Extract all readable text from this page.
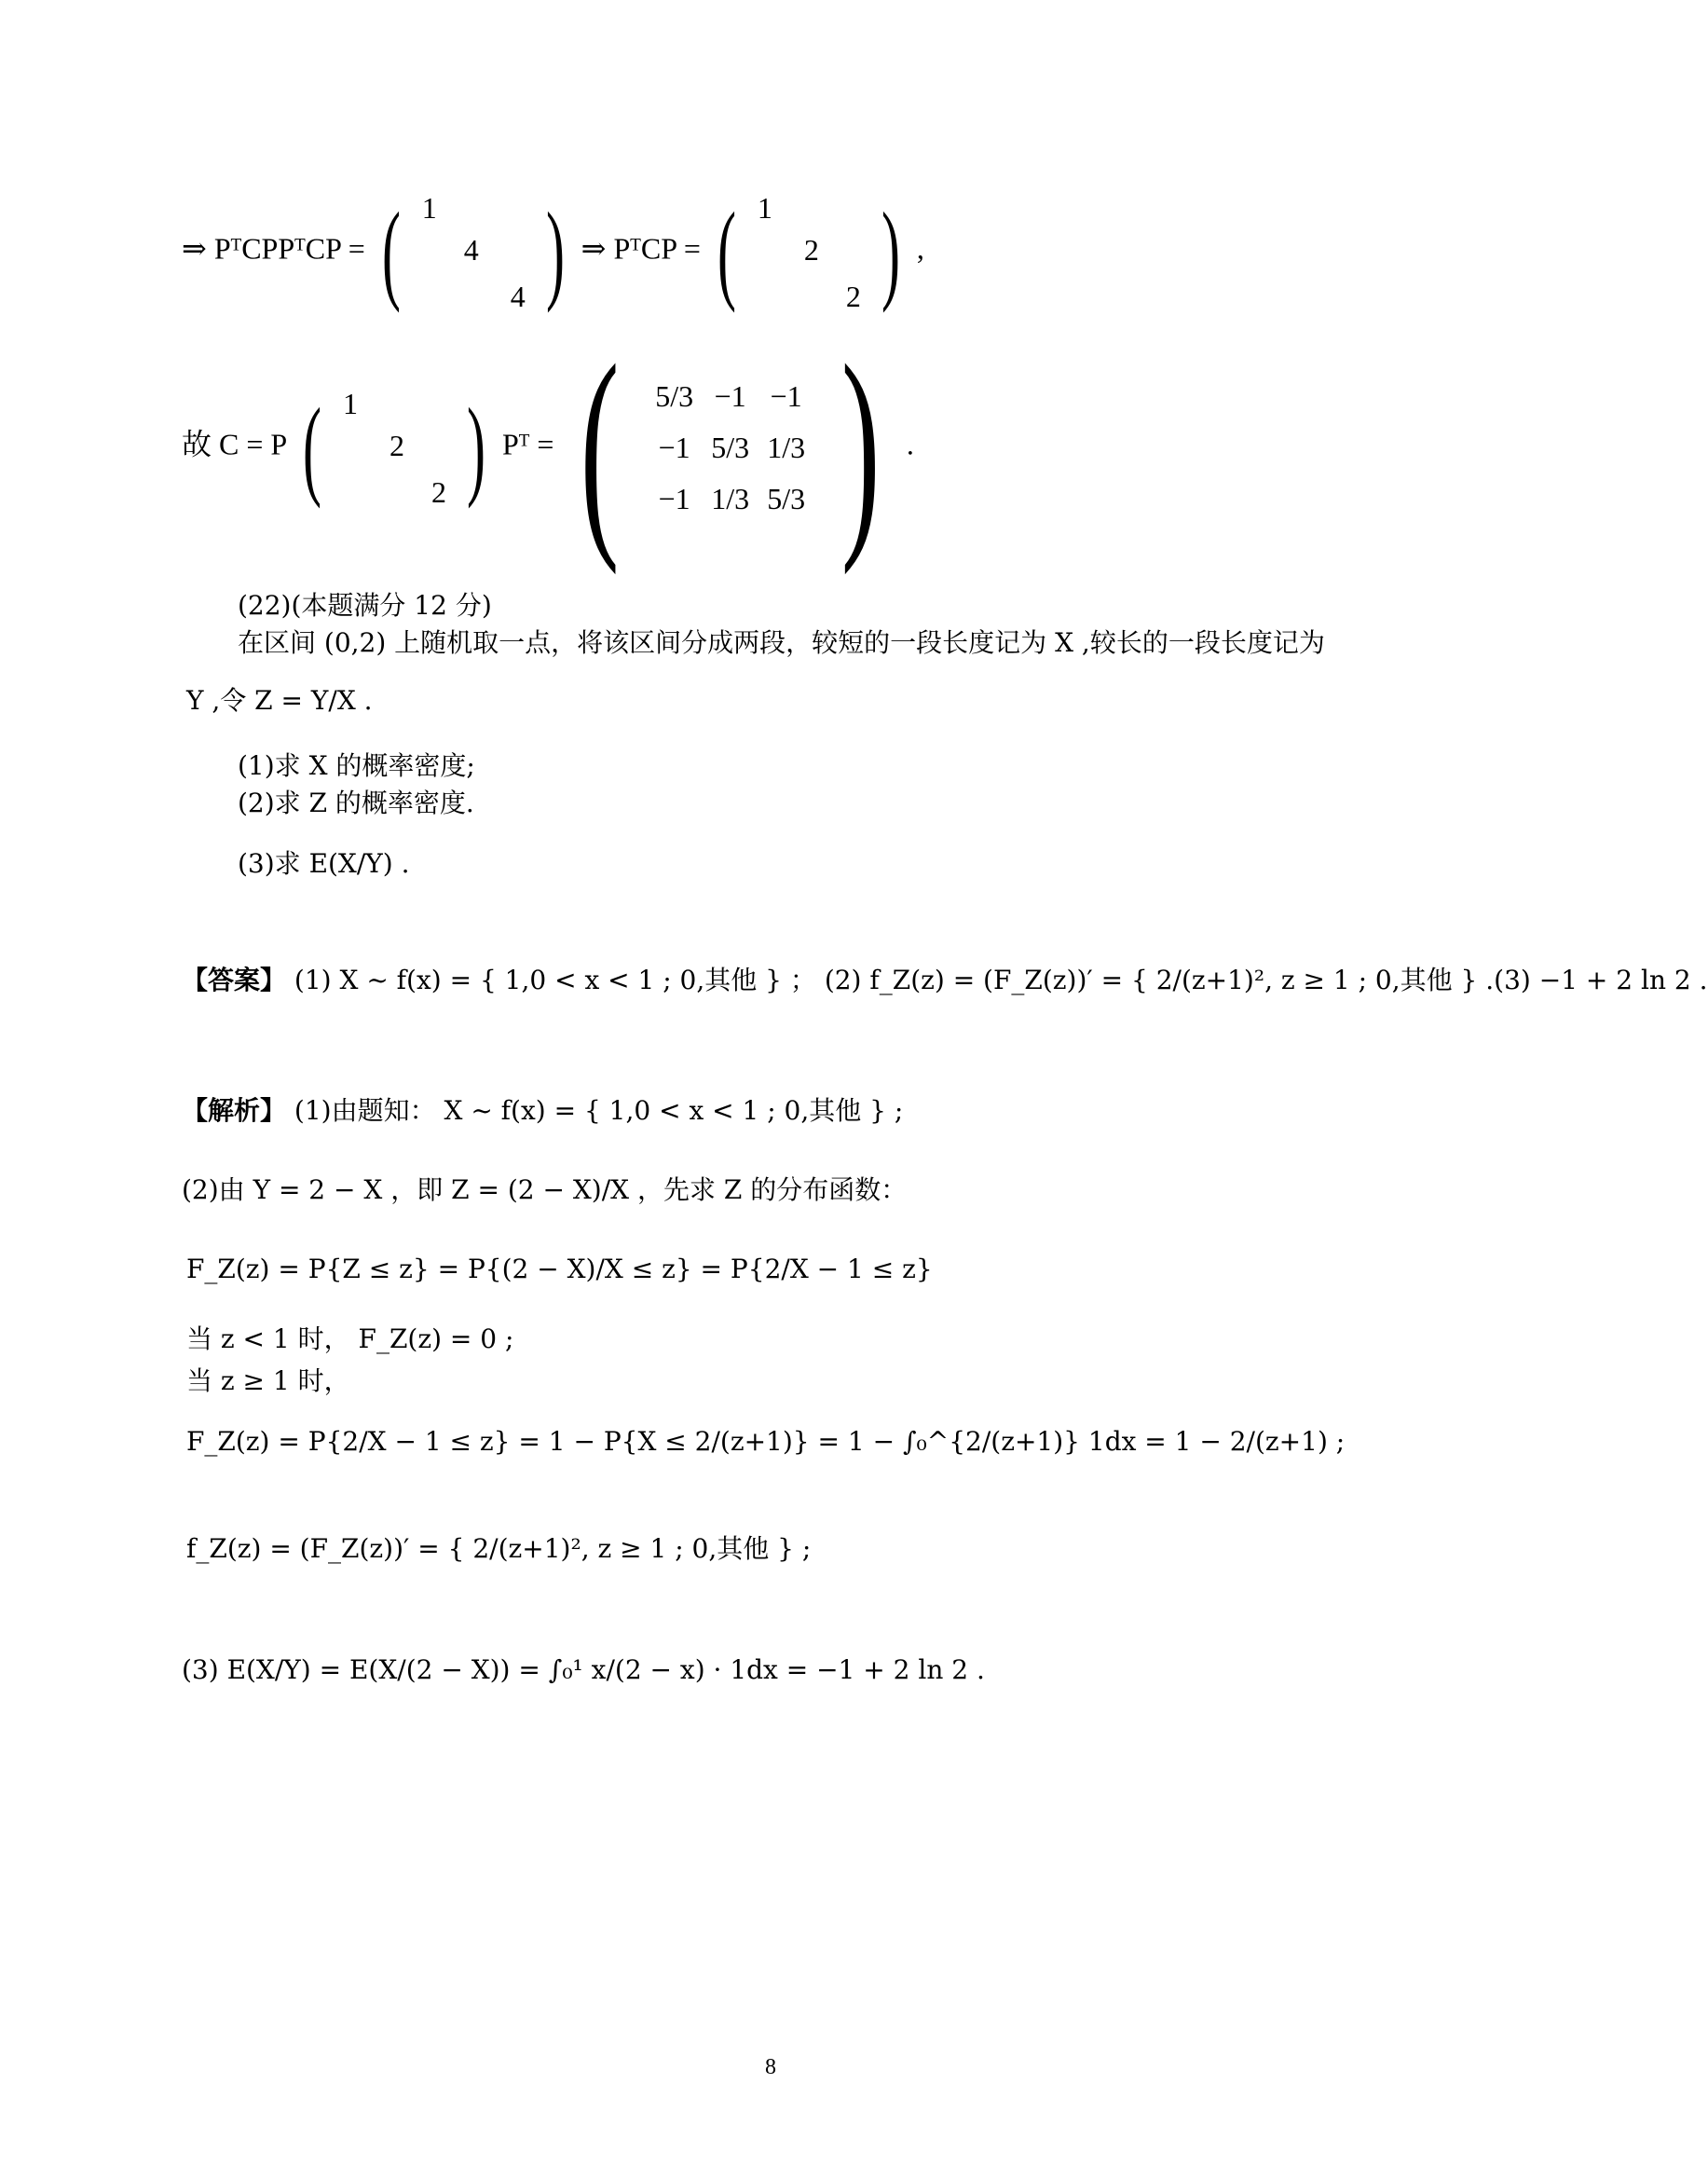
⇒ PᵀCPPᵀCP = ( 1
4
4 ) ⇒ PᵀCP = ( 1
2
2 ) ,
故 C = P ( 1
2
2 ) Pᵀ = ( 5/3 −1 −1
−1 5/3 1/3
−1 1/3 5/3 ) .
(22)(本题满分 12 分)
在区间 (0,2) 上随机取一点，将该区间分成两段，较短的一段长度记为 X ,较长的一段长度记为
Y ,令 Z = Y/X .
(1)求 X 的概率密度;
(2)求 Z 的概率密度.
(3)求 E(X/Y) .
【答案】 (1) X ~ f(x) = { 1,0 < x < 1 ; 0,其他 } ； (2) f_Z(z) = (F_Z(z))′ = { 2/(z+1)², z ≥ 1 ; 0,其他 } .(3) −1 + 2 ln 2 .
【解析】 (1)由题知： X ~ f(x) = { 1,0 < x < 1 ; 0,其他 } ;
(2)由 Y = 2 − X ，即 Z = (2 − X)/X ，先求 Z 的分布函数：
F_Z(z) = P{Z ≤ z} = P{(2 − X)/X ≤ z} = P{2/X − 1 ≤ z}
当 z < 1 时， F_Z(z) = 0 ;
当 z ≥ 1 时，
F_Z(z) = P{2/X − 1 ≤ z} = 1 − P{X ≤ 2/(z+1)} = 1 − ∫₀^{2/(z+1)} 1dx = 1 − 2/(z+1) ;
f_Z(z) = (F_Z(z))′ = { 2/(z+1)², z ≥ 1 ; 0,其他 } ;
(3) E(X/Y) = E(X/(2 − X)) = ∫₀¹ x/(2 − x) · 1dx = −1 + 2 ln 2 .
8
